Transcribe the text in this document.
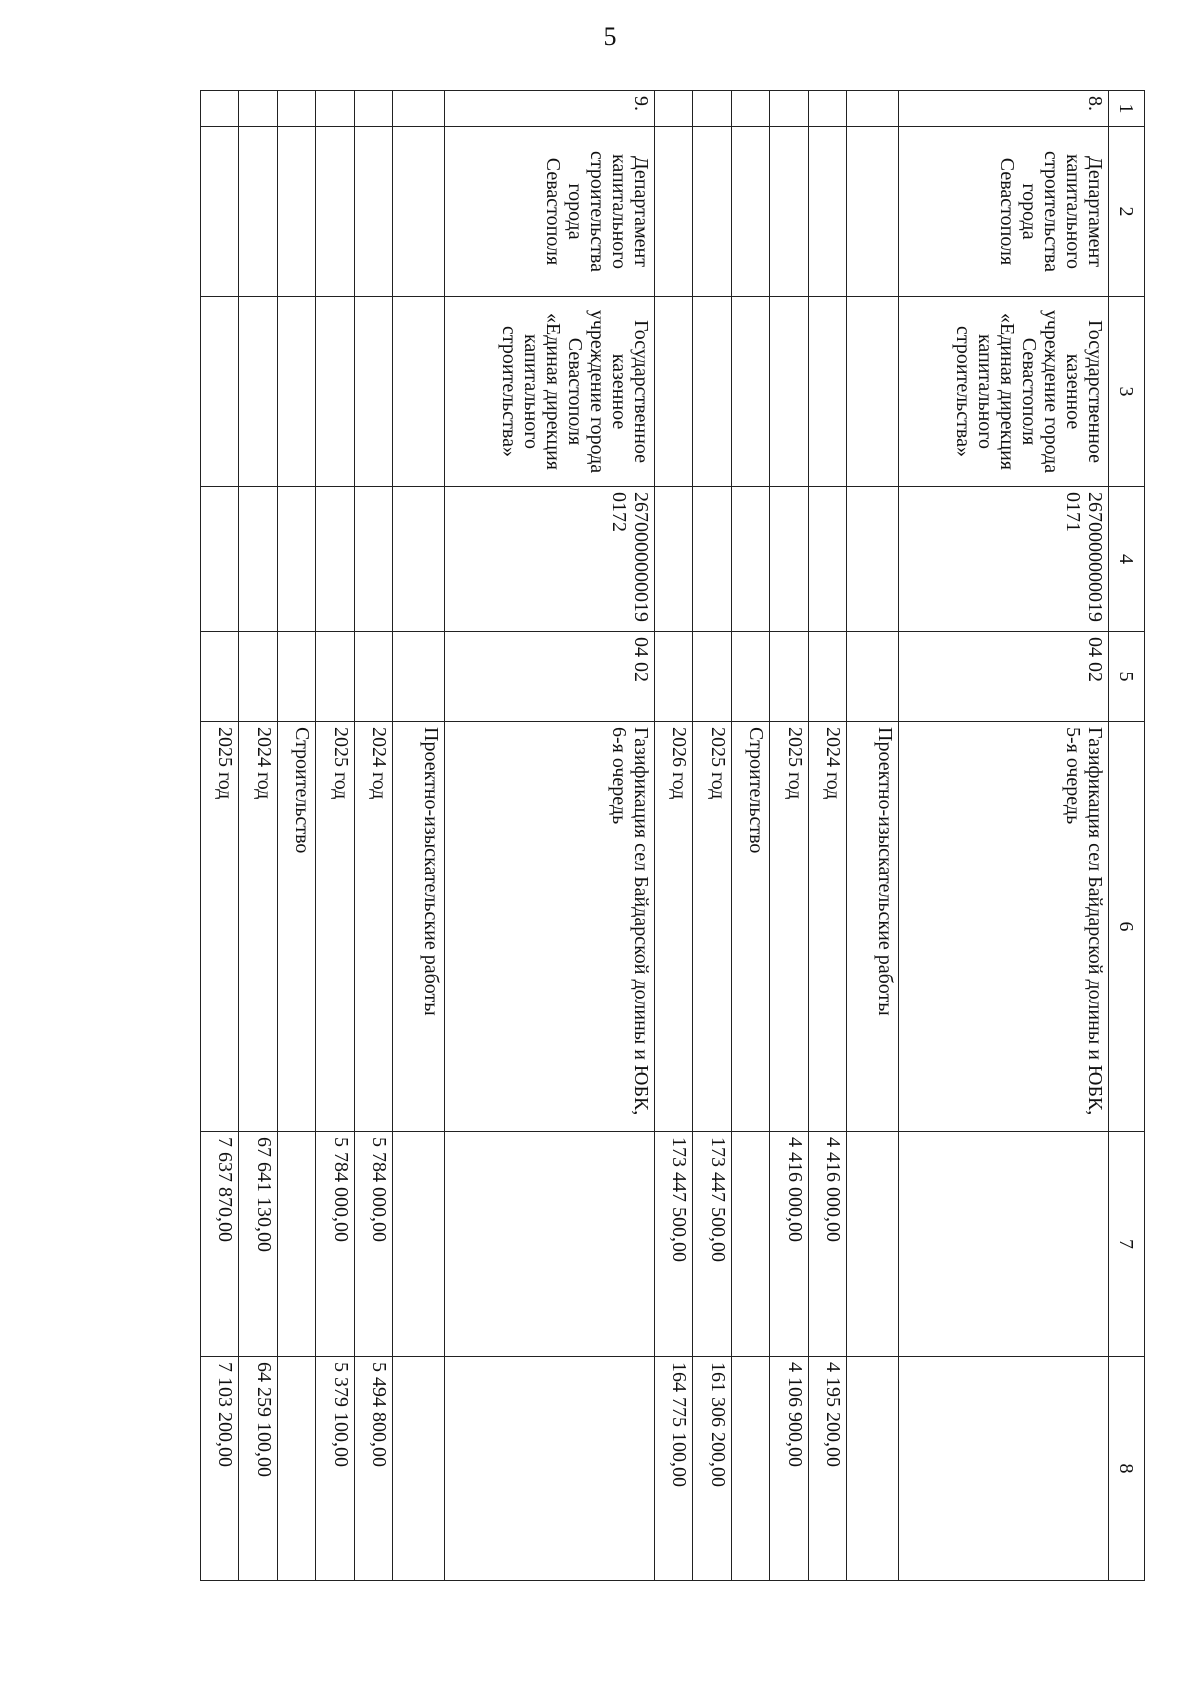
5
1	2	3	4	5	6	7	8
8.	Департамент капитального строительства города Севастополя	Государственное казенное учреждение города Севастополя «Единая дирекция капитального строительства»	26700000000190171	04 02	Газификация сел Байдарской долины и ЮБК, 5-я очередь		
					Проектно-изыскательские работы		
					2024 год	4 416 000,00	4 195 200,00
					2025 год	4 416 000,00	4 106 900,00
					Строительство		
					2025 год	173 447 500,00	161 306 200,00
					2026 год	173 447 500,00	164 775 100,00
9.	Департамент капитального строительства города Севастополя	Государственное казенное учреждение города Севастополя «Единая дирекция капитального строительства»	26700000000190172	04 02	Газификация сел Байдарской долины и ЮБК, 6-я очередь		
					Проектно-изыскательские работы		
					2024 год	5 784 000,00	5 494 800,00
					2025 год	5 784 000,00	5 379 100,00
					Строительство		
					2024 год	67 641 130,00	64 259 100,00
					2025 год	7 637 870,00	7 103 200,00
